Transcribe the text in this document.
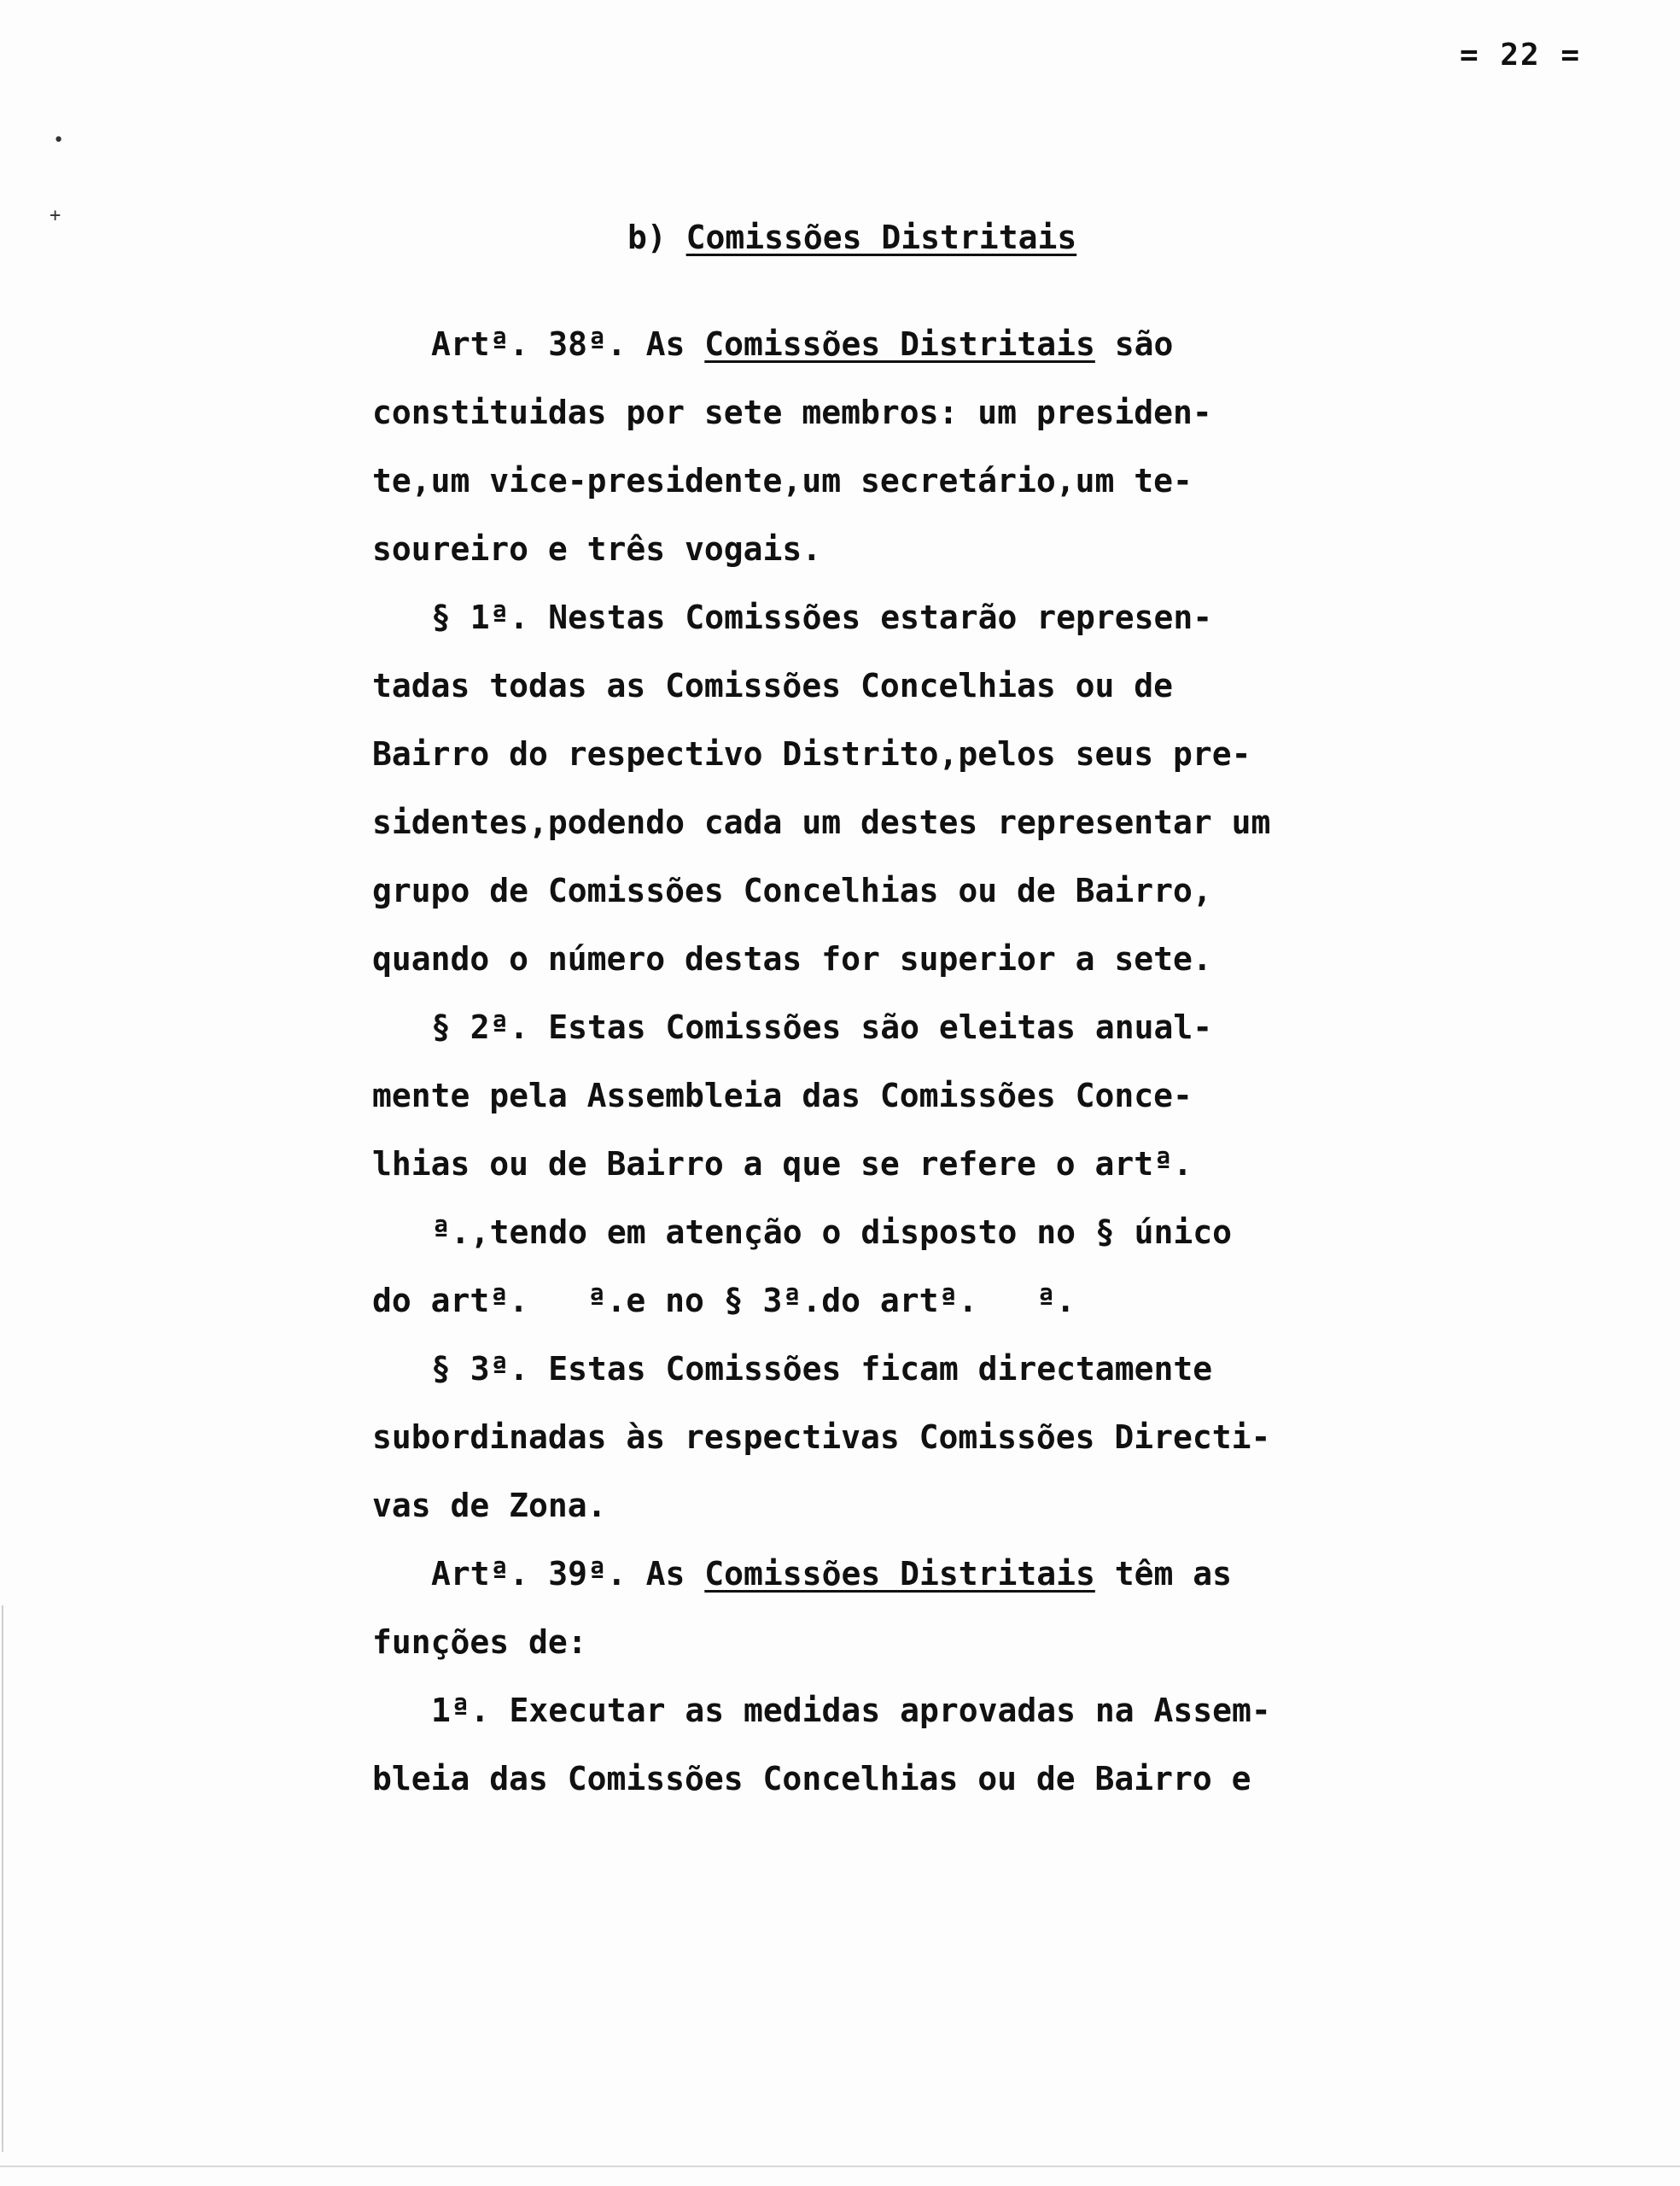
= 22 =
•
+
b) Comissões Distritais
Artª. 38ª. As Comissões Distritais são
constituidas por sete membros: um presiden-
te,um vice-presidente,um secretário,um te-
soureiro e três vogais.
§ 1ª. Nestas Comissões estarão represen-
tadas todas as Comissões Concelhias ou de
Bairro do respectivo Distrito,pelos seus pre-
sidentes,podendo cada um destes representar um
grupo de Comissões Concelhias ou de Bairro,
quando o número destas for superior a sete.
§ 2ª. Estas Comissões são eleitas anual-
mente pela Assembleia das Comissões Conce-
lhias ou de Bairro a que se refere o artª.
ª.,tendo em atenção o disposto no § único
do artª.   ª.e no § 3ª.do artª.   ª.
§ 3ª. Estas Comissões ficam directamente
subordinadas às respectivas Comissões Directi-
vas de Zona.
Artª. 39ª. As Comissões Distritais têm as
funções de:
1ª. Executar as medidas aprovadas na Assem-
bleia das Comissões Concelhias ou de Bairro e
